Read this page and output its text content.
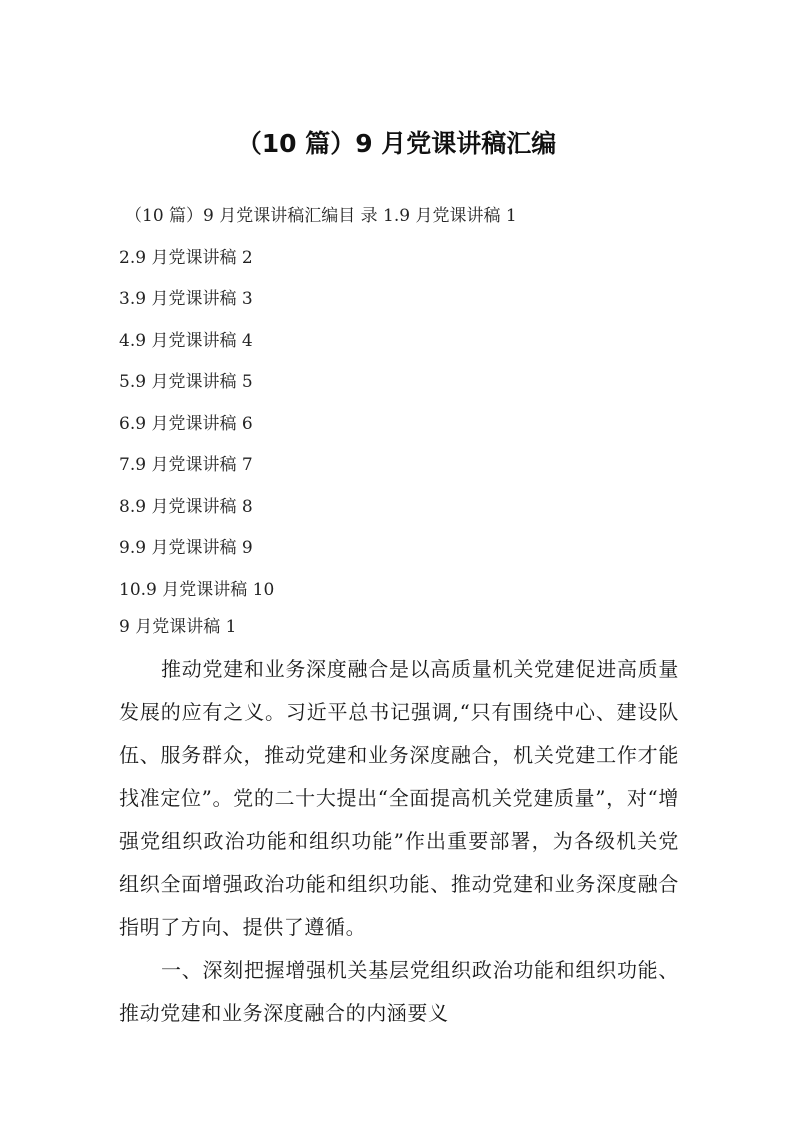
（10 篇）9 月党课讲稿汇编
（10 篇）9 月党课讲稿汇编目 录 1.9 月党课讲稿 1
2.9 月党课讲稿 2
3.9 月党课讲稿 3
4.9 月党课讲稿 4
5.9 月党课讲稿 5
6.9 月党课讲稿 6
7.9 月党课讲稿 7
8.9 月党课讲稿 8
9.9 月党课讲稿 9
10.9 月党课讲稿 10
9 月党课讲稿 1

推动党建和业务深度融合是以高质量机关党建促进高质量发展的应有之义。习近平总书记强调,“只有围绕中心、建设队伍、服务群众，推动党建和业务深度融合，机关党建工作才能找准定位”。党的二十大提出“全面提高机关党建质量”，对“增强党组织政治功能和组织功能”作出重要部署，为各级机关党组织全面增强政治功能和组织功能、推动党建和业务深度融合指明了方向、提供了遵循。

一、深刻把握增强机关基层党组织政治功能和组织功能、推动党建和业务深度融合的内涵要义
